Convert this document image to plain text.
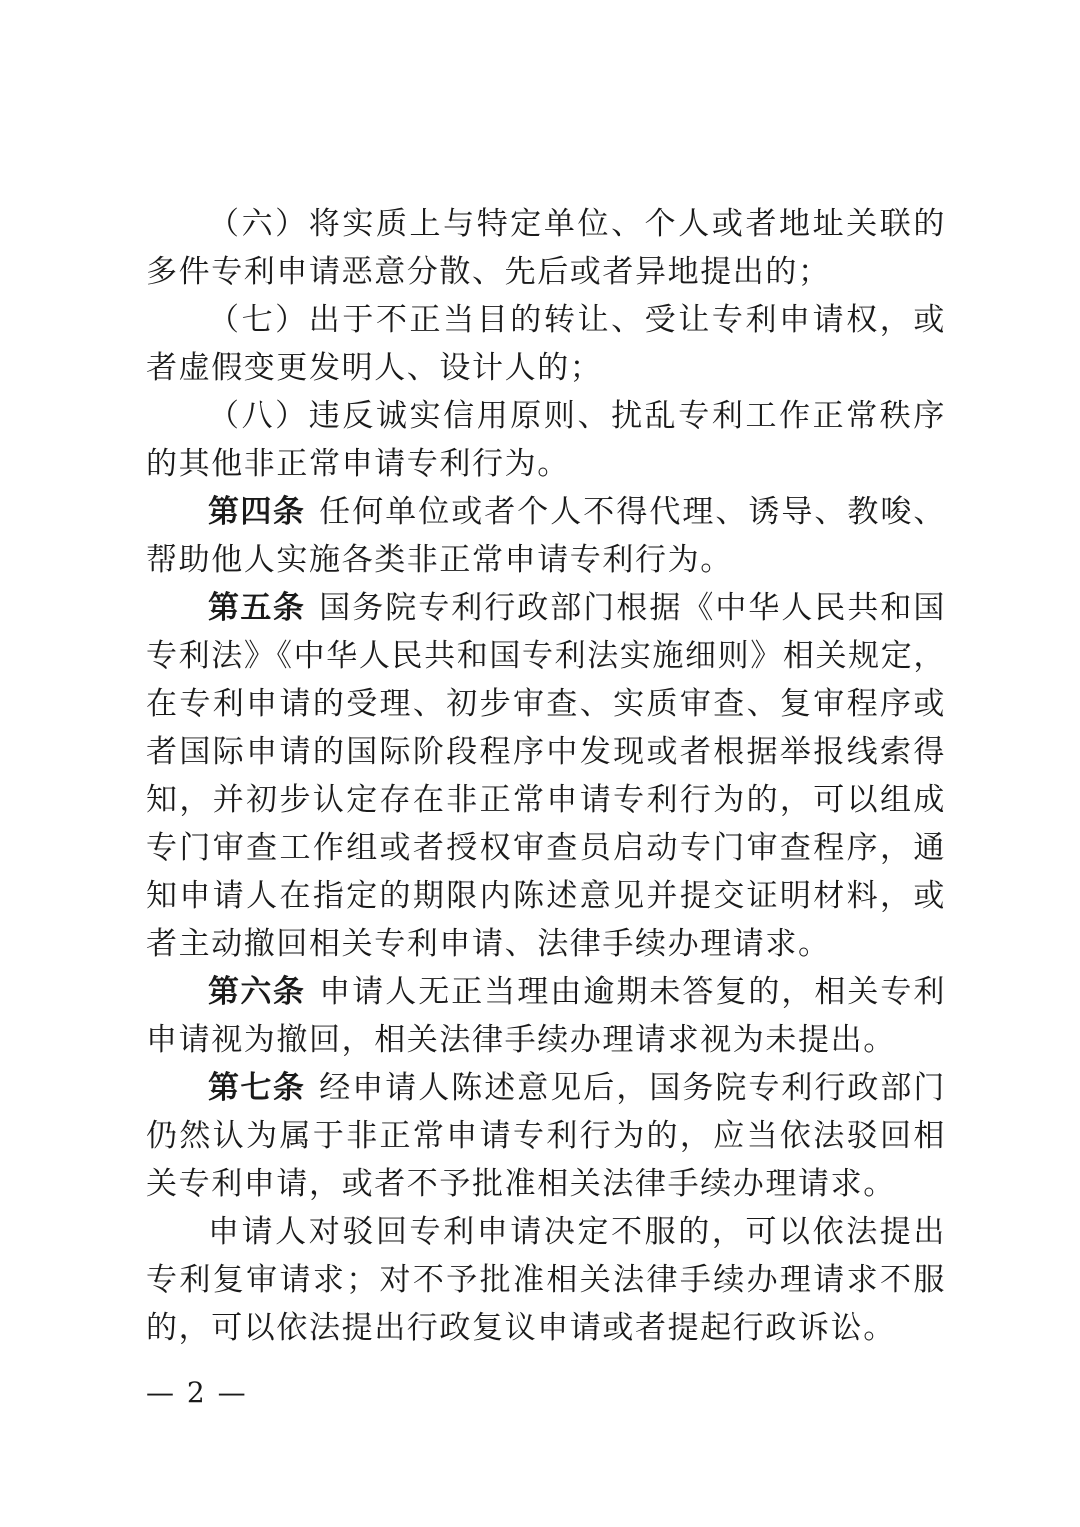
（六）将实质上与特定单位、个人或者地址关联的多件专利申请恶意分散、先后或者异地提出的；

（七）出于不正当目的转让、受让专利申请权，或者虚假变更发明人、设计人的；

（八）违反诚实信用原则、扰乱专利工作正常秩序的其他非正常申请专利行为。

第四条 任何单位或者个人不得代理、诱导、教唆、帮助他人实施各类非正常申请专利行为。

第五条 国务院专利行政部门根据《中华人民共和国专利法》《中华人民共和国专利法实施细则》相关规定，在专利申请的受理、初步审查、实质审查、复审程序或者国际申请的国际阶段程序中发现或者根据举报线索得知，并初步认定存在非正常申请专利行为的，可以组成专门审查工作组或者授权审查员启动专门审查程序，通知申请人在指定的期限内陈述意见并提交证明材料，或者主动撤回相关专利申请、法律手续办理请求。

第六条 申请人无正当理由逾期未答复的，相关专利申请视为撤回，相关法律手续办理请求视为未提出。

第七条 经申请人陈述意见后，国务院专利行政部门仍然认为属于非正常申请专利行为的，应当依法驳回相关专利申请，或者不予批准相关法律手续办理请求。

申请人对驳回专利申请决定不服的，可以依法提出专利复审请求；对不予批准相关法律手续办理请求不服的，可以依法提出行政复议申请或者提起行政诉讼。

— 2 —
